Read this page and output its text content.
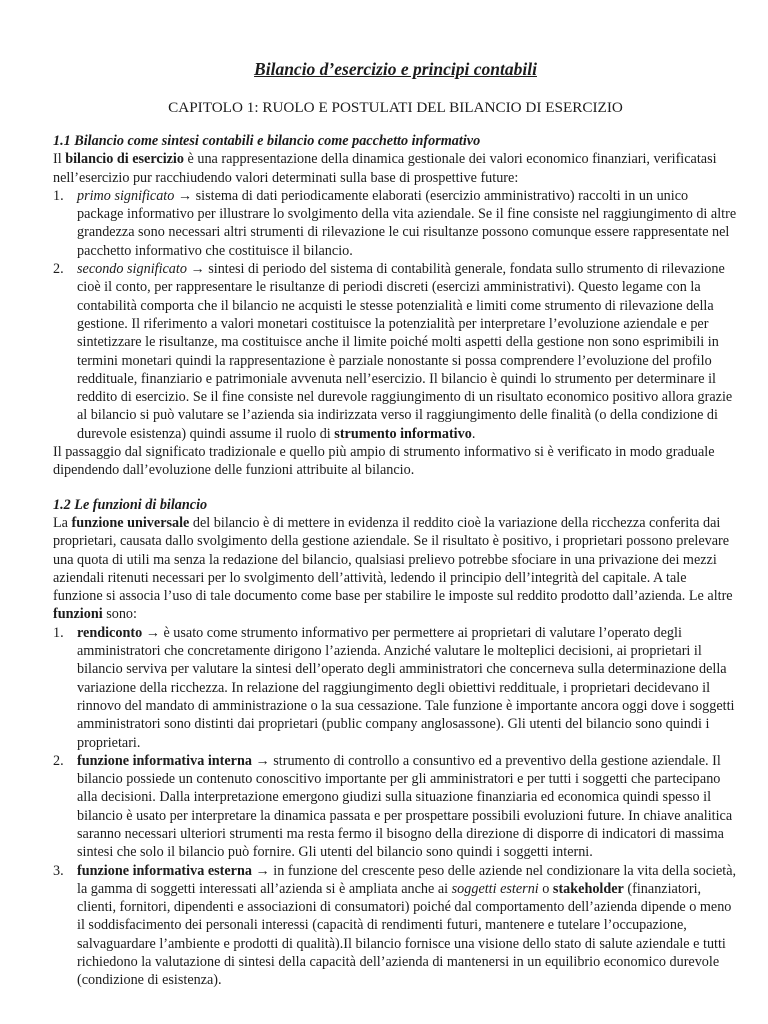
Bilancio d’esercizio e principi contabili
CAPITOLO 1: RUOLO E POSTULATI DEL BILANCIO DI ESERCIZIO
1.1 Bilancio come sintesi contabili e bilancio come pacchetto informativo

Il bilancio di esercizio è una rappresentazione della dinamica gestionale dei valori economico finanziari, verificatasi nell’esercizio pur racchiudendo valori determinati sulla base di prospettive future:

1. primo significato → sistema di dati periodicamente elaborati (esercizio amministrativo) raccolti in un unico package informativo per illustrare lo svolgimento della vita aziendale. Se il fine consiste nel raggiungimento di altre grandezza sono necessari altri strumenti di rilevazione le cui risultanze possono comunque essere rappresentate nel pacchetto informativo che costituisce il bilancio.
2. secondo significato → sintesi di periodo del sistema di contabilità generale, fondata sullo strumento di rilevazione cioè il conto, per rappresentare le risultanze di periodi discreti (esercizi amministrativi). Questo legame con la contabilità comporta che il bilancio ne acquisti le stesse potenzialità e limiti come strumento di rilevazione della gestione. Il riferimento a valori monetari costituisce la potenzialità per interpretare l’evoluzione aziendale e per sintetizzare le risultanze, ma costituisce anche il limite poiché molti aspetti della gestione non sono esprimibili in termini monetari quindi la rappresentazione è parziale nonostante si possa comprendere l’evoluzione del profilo reddituale, finanziario e patrimoniale avvenuta nell’esercizio. Il bilancio è quindi lo strumento per determinare il reddito di esercizio. Se il fine consiste nel durevole raggiungimento di un risultato economico positivo allora grazie al bilancio si può valutare se l’azienda sia indirizzata verso il raggiungimento delle finalità (o della condizione di durevole esistenza) quindi assume il ruolo di strumento informativo.

Il passaggio dal significato tradizionale e quello più ampio di strumento informativo si è verificato in modo graduale dipendendo dall’evoluzione delle funzioni attribuite al bilancio.

1.2 Le funzioni di bilancio

La funzione universale del bilancio è di mettere in evidenza il reddito cioè la variazione della ricchezza conferita dai proprietari, causata dallo svolgimento della gestione aziendale. Se il risultato è positivo, i proprietari possono prelevare una quota di utili ma senza la redazione del bilancio, qualsiasi prelievo potrebbe sfociare in una privazione dei mezzi aziendali ritenuti necessari per lo svolgimento dell’attività, ledendo il principio dell’integrità del capitale. A tale funzione si associa l’uso di tale documento come base per stabilire le imposte sul reddito prodotto dall’azienda. Le altre funzioni sono:

1. rendiconto → è usato come strumento informativo per permettere ai proprietari di valutare l’operato degli amministratori che concretamente dirigono l’azienda. Anziché valutare le molteplici decisioni, ai proprietari il bilancio serviva per valutare la sintesi dell’operato degli amministratori che concerneva sulla determinazione della variazione della ricchezza. In relazione del raggiungimento degli obiettivi reddituale, i proprietari decidevano il rinnovo del mandato di amministrazione o la sua cessazione. Tale funzione è importante ancora oggi dove i soggetti amministratori sono distinti dai proprietari (public company anglosassone). Gli utenti del bilancio sono quindi i proprietari.
2. funzione informativa interna → strumento di controllo a consuntivo ed a preventivo della gestione aziendale. Il bilancio possiede un contenuto conoscitivo importante per gli amministratori e per tutti i soggetti che partecipano alla decisioni. Dalla interpretazione emergono giudizi sulla situazione finanziaria ed economica quindi spesso il bilancio è usato per interpretare la dinamica passata e per prospettare possibili evoluzioni future. In chiave analitica saranno necessari ulteriori strumenti ma resta fermo il bisogno della direzione di disporre di indicatori di massima sintesi che solo il bilancio può fornire. Gli utenti del bilancio sono quindi i soggetti interni.
3. funzione informativa esterna → in funzione del crescente peso delle aziende nel condizionare la vita della società, la gamma di soggetti interessati all’azienda si è ampliata anche ai soggetti esterni o stakeholder (finanziatori, clienti, fornitori, dipendenti e associazioni di consumatori) poiché dal comportamento dell’azienda dipende o meno il soddisfacimento dei personali interessi (capacità di rendimenti futuri, mantenere e tutelare l’occupazione, salvaguardare l’ambiente e prodotti di qualità).Il bilancio fornisce una visione dello stato di salute aziendale e tutti richiedono la valutazione di sintesi della capacità dell’azienda di mantenersi in un equilibrio economico durevole (condizione di esistenza).
